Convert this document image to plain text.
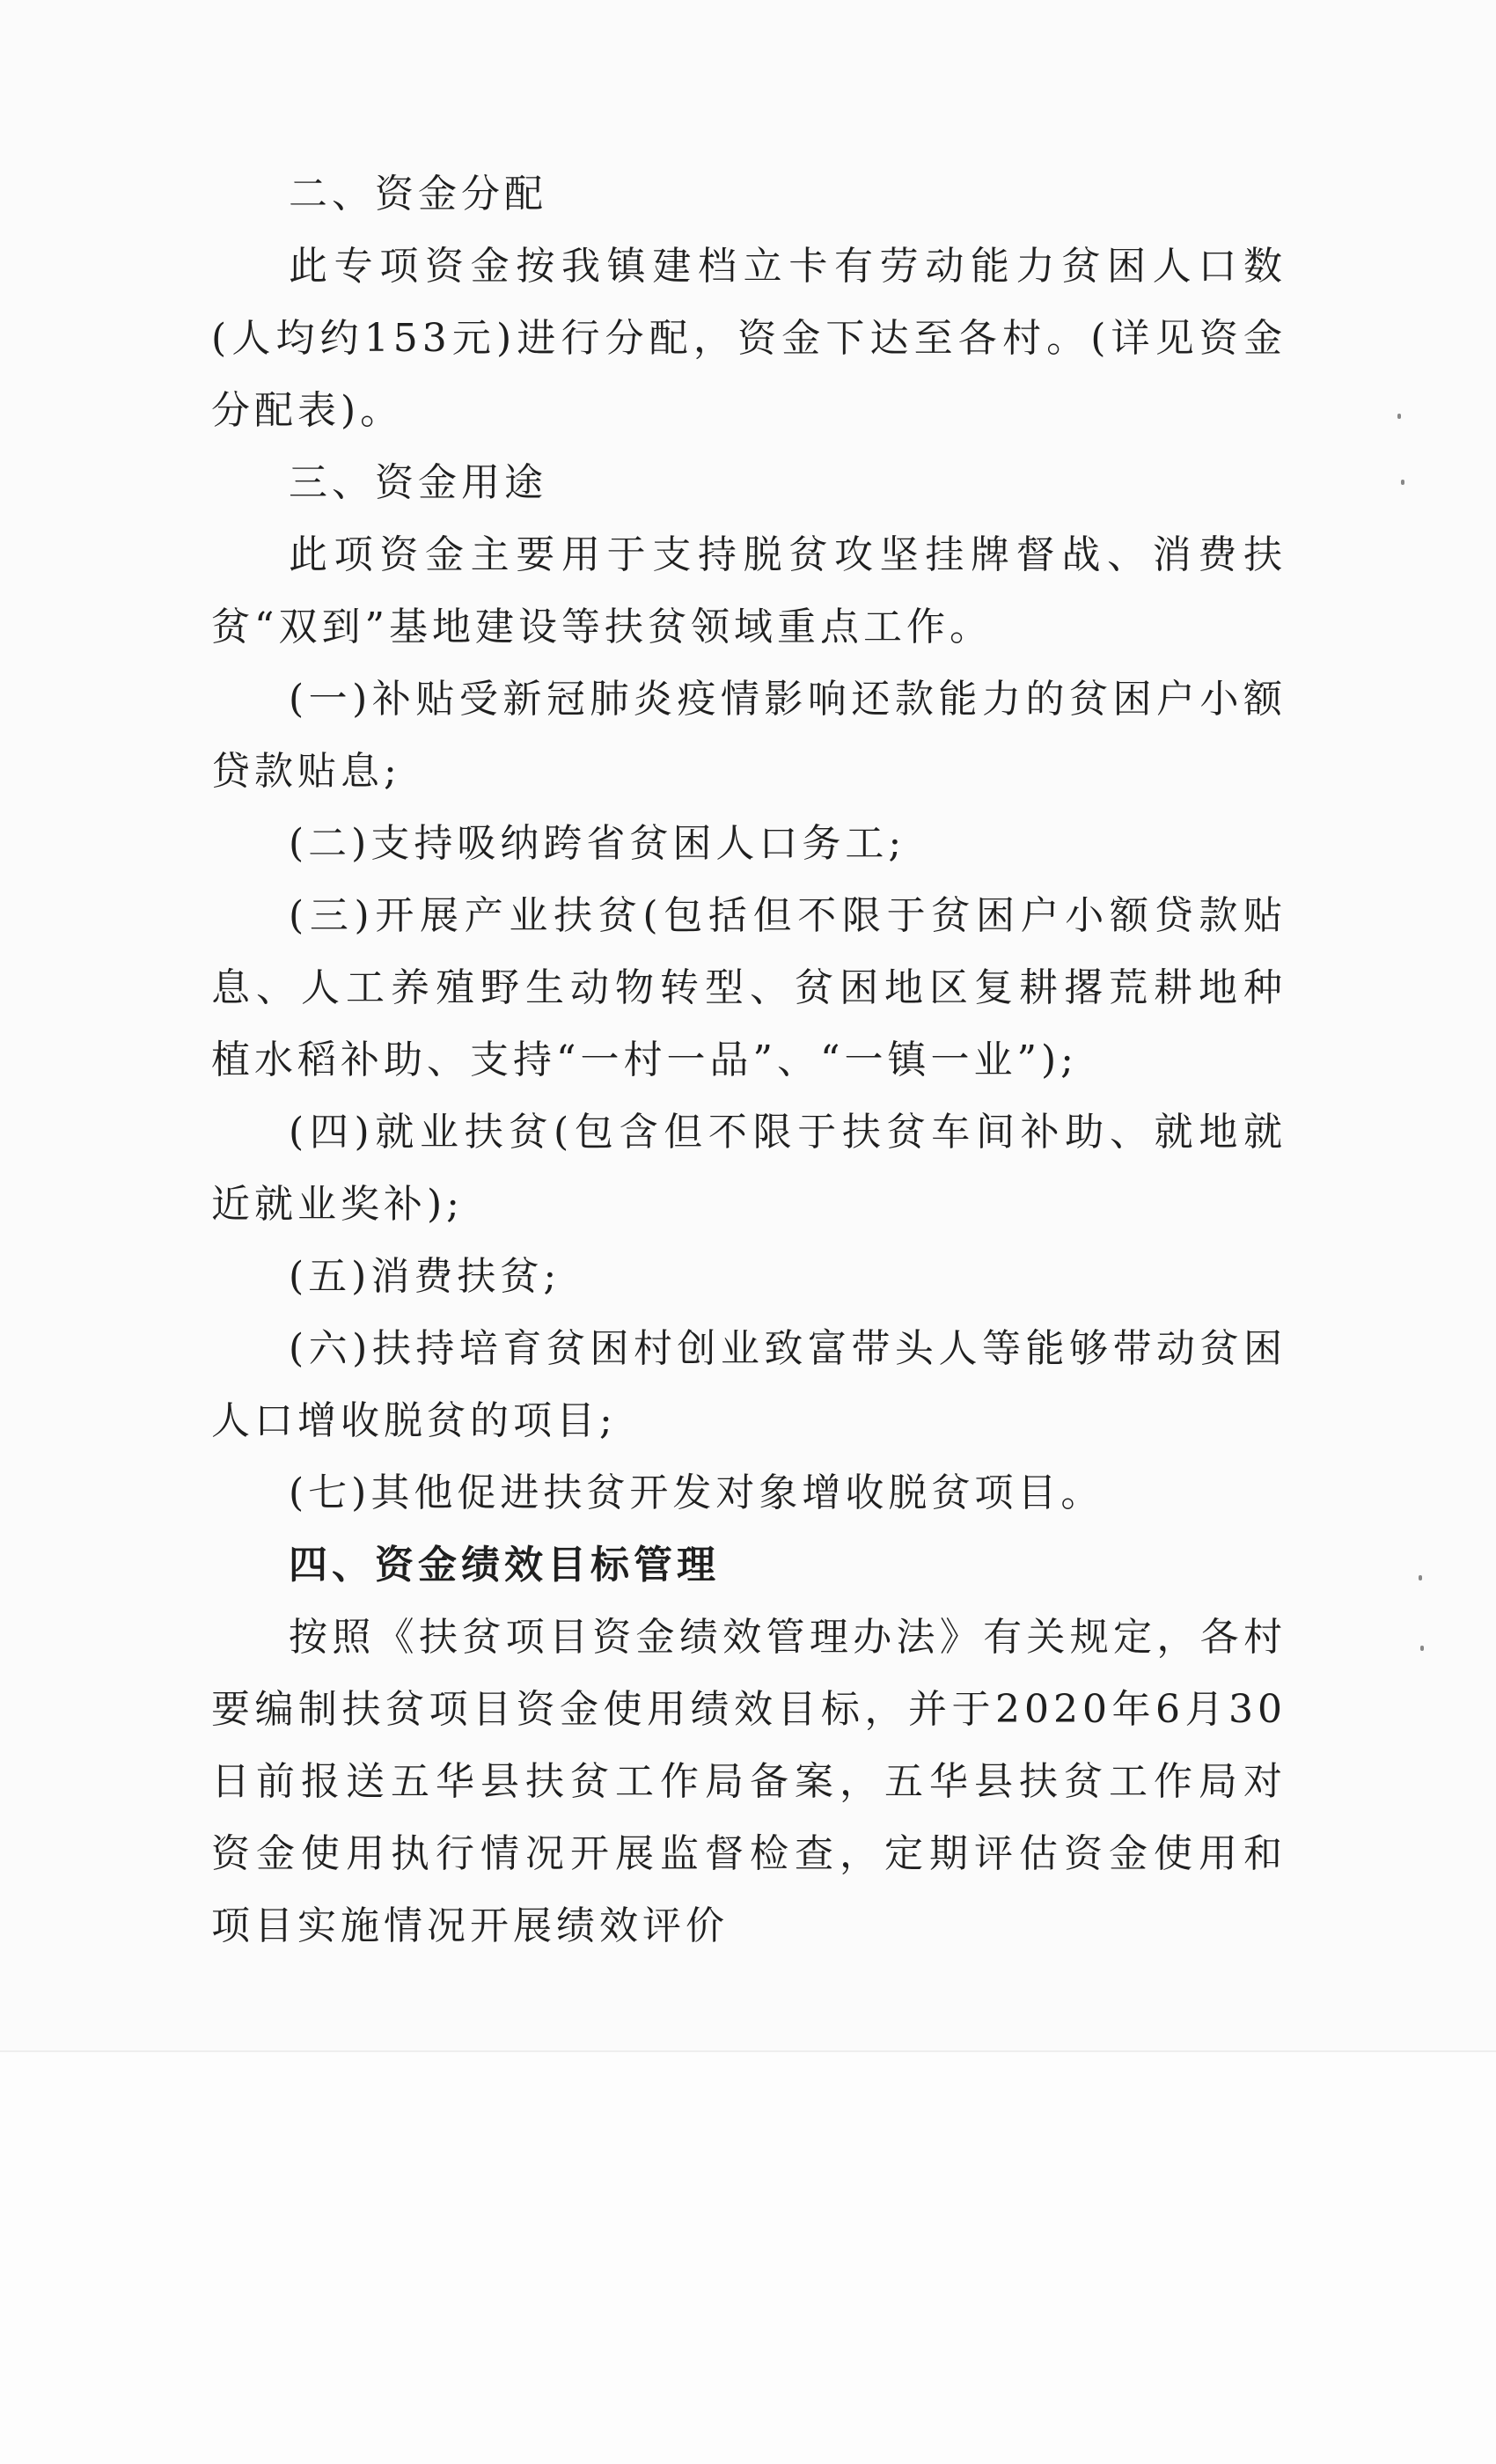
二、资金分配

此专项资金按我镇建档立卡有劳动能力贫困人口数(人均约153元)进行分配，资金下达至各村。(详见资金分配表)。

三、资金用途

此项资金主要用于支持脱贫攻坚挂牌督战、消费扶贫“双到”基地建设等扶贫领域重点工作。

(一)补贴受新冠肺炎疫情影响还款能力的贫困户小额贷款贴息;

(二)支持吸纳跨省贫困人口务工;

(三)开展产业扶贫(包括但不限于贫困户小额贷款贴息、人工养殖野生动物转型、贫困地区复耕撂荒耕地种植水稻补助、支持“一村一品”、“一镇一业”);

(四)就业扶贫(包含但不限于扶贫车间补助、就地就近就业奖补);

(五)消费扶贫;

(六)扶持培育贫困村创业致富带头人等能够带动贫困人口增收脱贫的项目;

(七)其他促进扶贫开发对象增收脱贫项目。

四、资金绩效目标管理

按照《扶贫项目资金绩效管理办法》有关规定，各村要编制扶贫项目资金使用绩效目标，并于2020年6月30日前报送五华县扶贫工作局备案，五华县扶贫工作局对资金使用执行情况开展监督检查，定期评估资金使用和项目实施情况开展绩效评价
